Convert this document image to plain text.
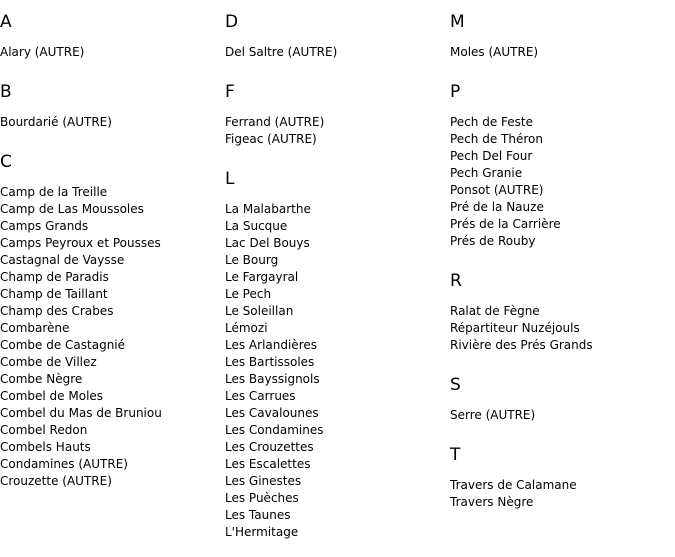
A
Alary (AUTRE)
B
Bourdarié (AUTRE)
C
Camp de la Treille
Camp de Las Moussoles
Camps Grands
Camps Peyroux et Pousses
Castagnal de Vaysse
Champ de Paradis
Champ de Taillant
Champ des Crabes
Combarène
Combe de Castagnié
Combe de Villez
Combe Nègre
Combel de Moles
Combel du Mas de Bruniou
Combel Redon
Combels Hauts
Condamines (AUTRE)
Crouzette (AUTRE)
D
Del Saltre (AUTRE)
F
Ferrand (AUTRE)
Figeac (AUTRE)
L
La Malabarthe
La Sucque
Lac Del Bouys
Le Bourg
Le Fargayral
Le Pech
Le Soleillan
Lémozi
Les Arlandières
Les Bartissoles
Les Bayssignols
Les Carrues
Les Cavalounes
Les Condamines
Les Crouzettes
Les Escalettes
Les Ginestes
Les Puèches
Les Taunes
L'Hermitage
M
Moles (AUTRE)
P
Pech de Feste
Pech de Théron
Pech Del Four
Pech Granie
Ponsot (AUTRE)
Pré de la Nauze
Prés de la Carrière
Prés de Rouby
R
Ralat de Fègne
Répartiteur Nuzéjouls
Rivière des Prés Grands
S
Serre (AUTRE)
T
Travers de Calamane
Travers Nègre
